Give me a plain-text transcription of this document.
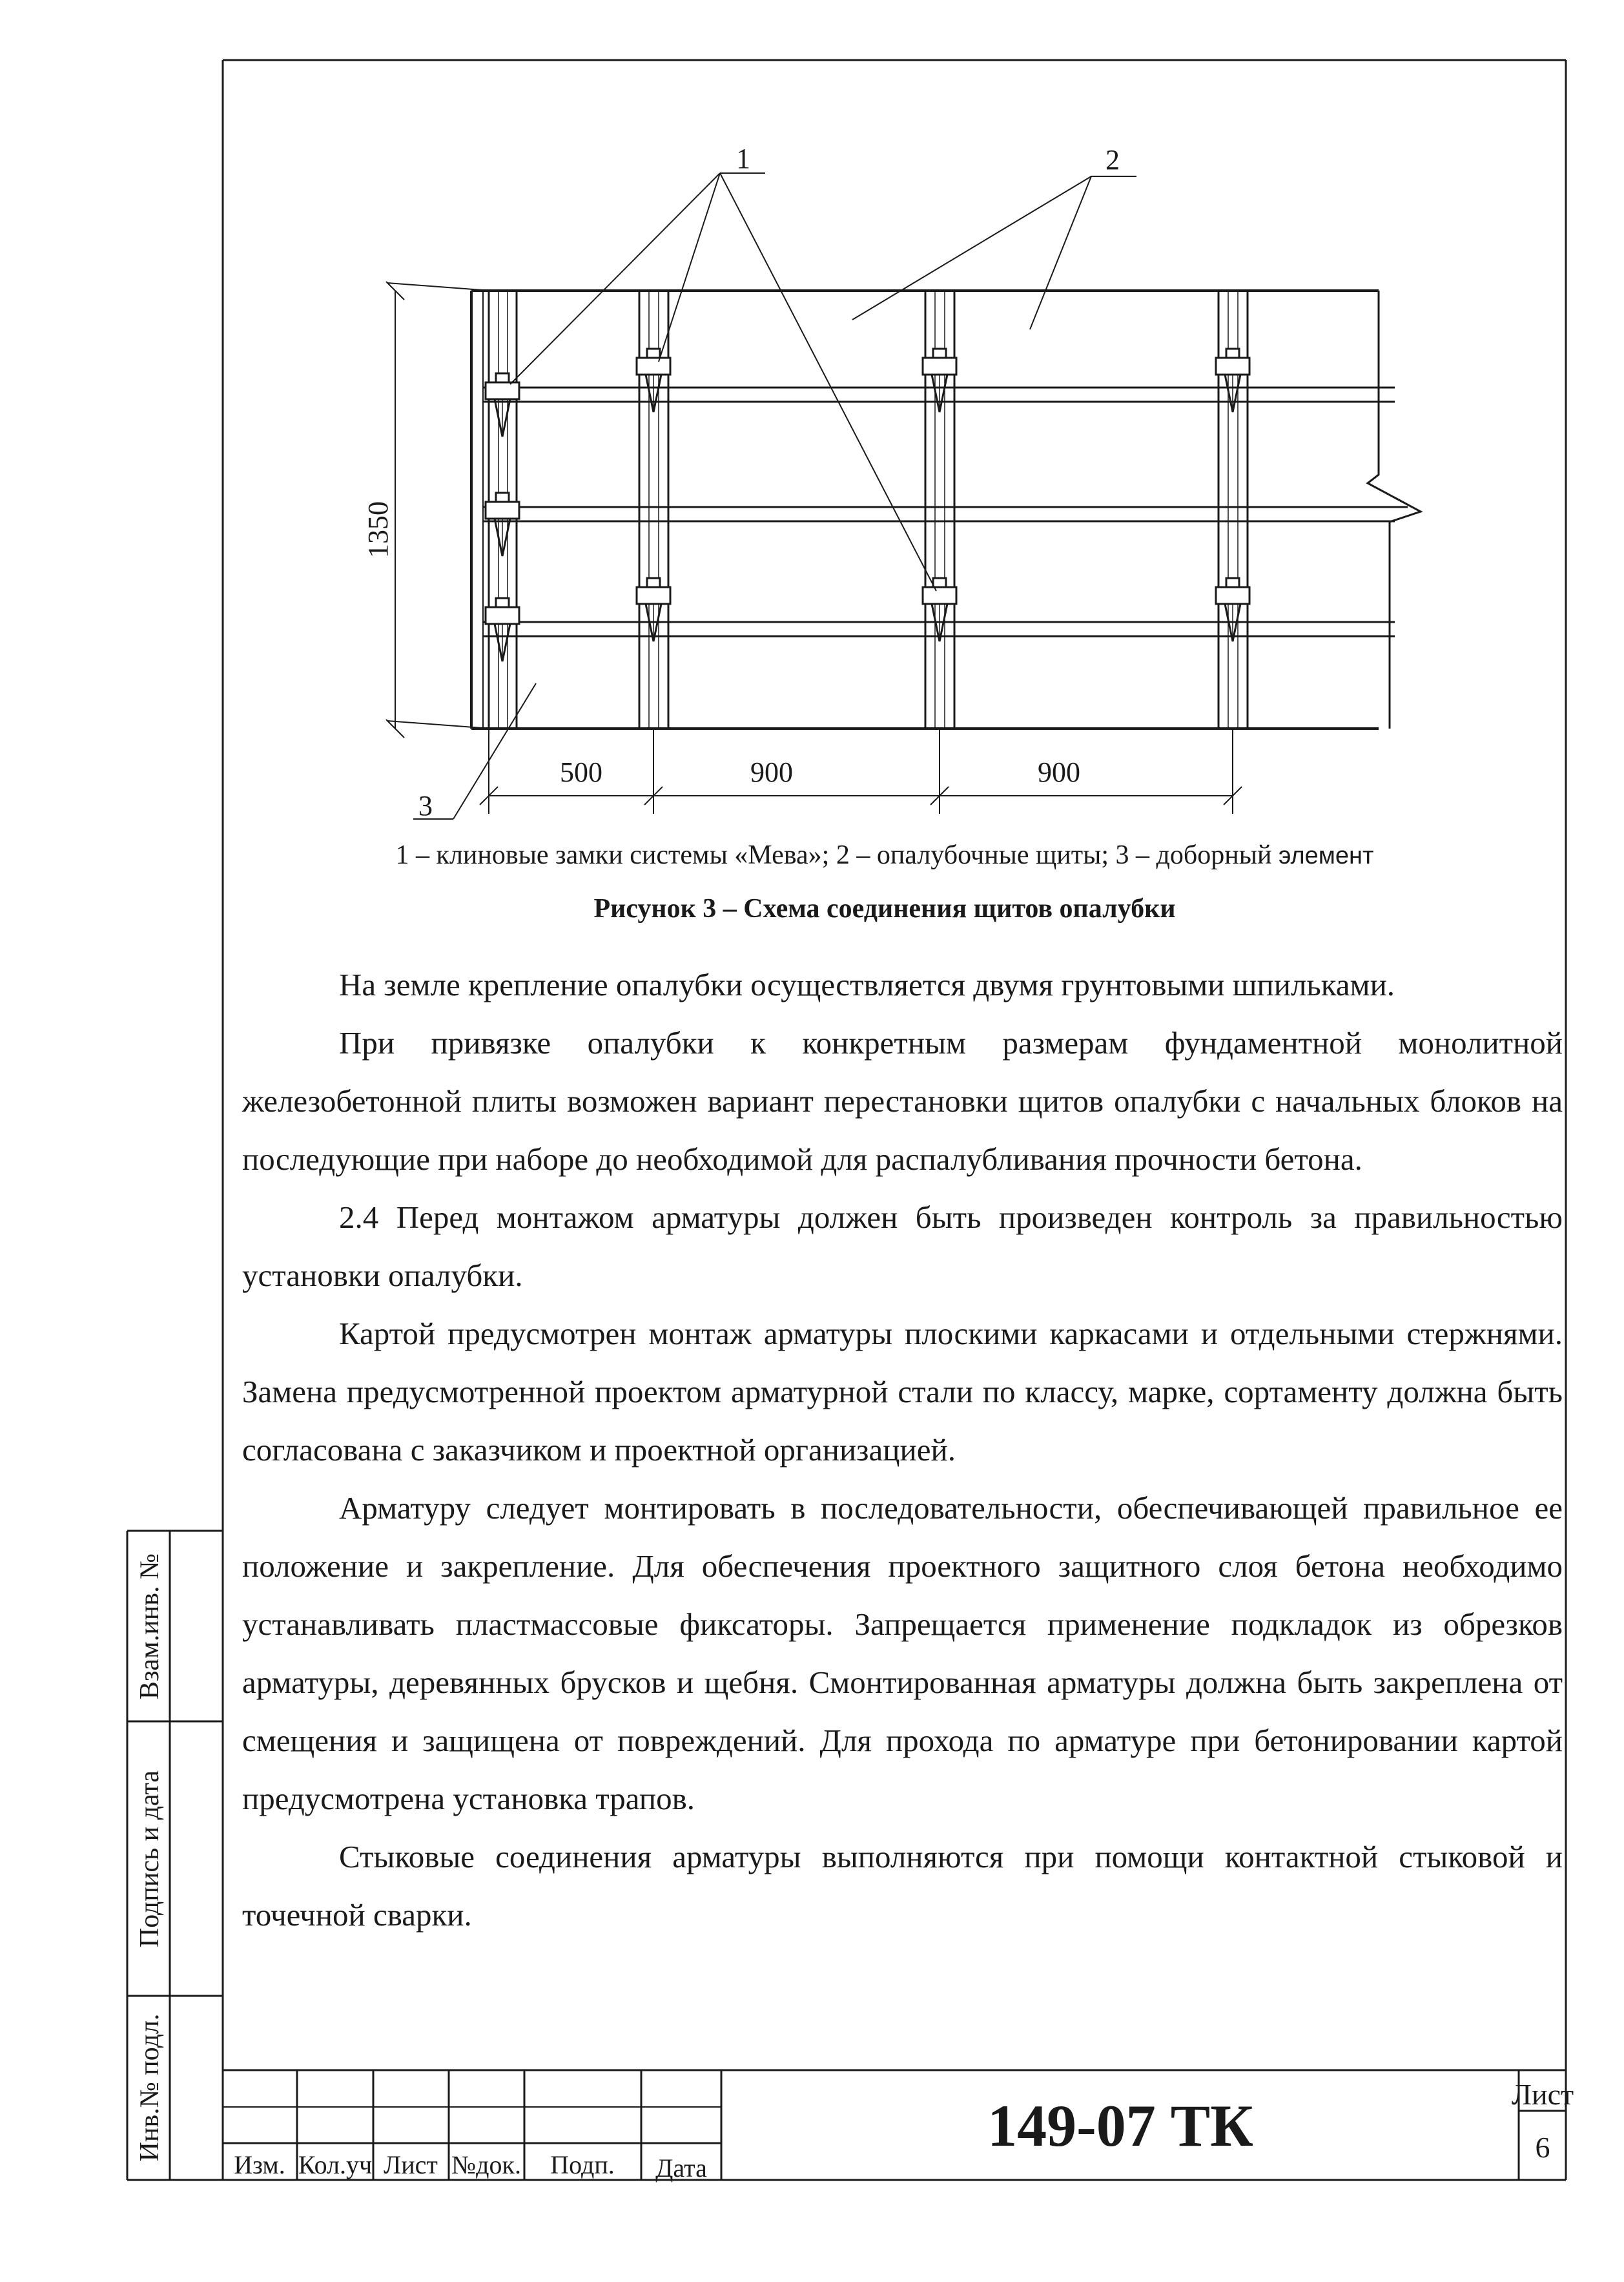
1	2
3
1350
500	900	900
Взам.инв. №
Подпись и дата
Инв.№ подл.
Изм. Кол.уч Лист №док. Подп. Дата
149-07 ТК	Лист
6
1 – клиновые замки системы «Мева»; 2 – опалубочные щиты; 3 – доборный элемент
Рисунок 3 – Схема соединения щитов опалубки

На земле крепление опалубки осуществляется двумя грунтовыми шпильками.

При привязке опалубки к конкретным размерам фундаментной монолитной железобетонной плиты возможен вариант перестановки щитов опалубки с начальных блоков на последующие при наборе до необходимой для распалубливания прочности бетона.

2.4 Перед монтажом арматуры должен быть произведен контроль за правильностью установки опалубки.

Картой предусмотрен монтаж арматуры плоскими каркасами и отдельными стержнями. Замена предусмотренной проектом арматурной стали по классу, марке, сортаменту должна быть согласована с заказчиком и проектной организацией.

Арматуру следует монтировать в последовательности, обеспечивающей правильное ее положение и закрепление. Для обеспечения проектного защитного слоя бетона необходимо устанавливать пластмассовые фиксаторы. Запрещается применение подкладок из обрезков арматуры, деревянных брусков и щебня. Смонтированная арматуры должна быть закреплена от смещения и защищена от повреждений. Для прохода по арматуре при бетонировании картой предусмотрена установка трапов.

Стыковые соединения арматуры выполняются при помощи контактной стыковой и точечной сварки.
